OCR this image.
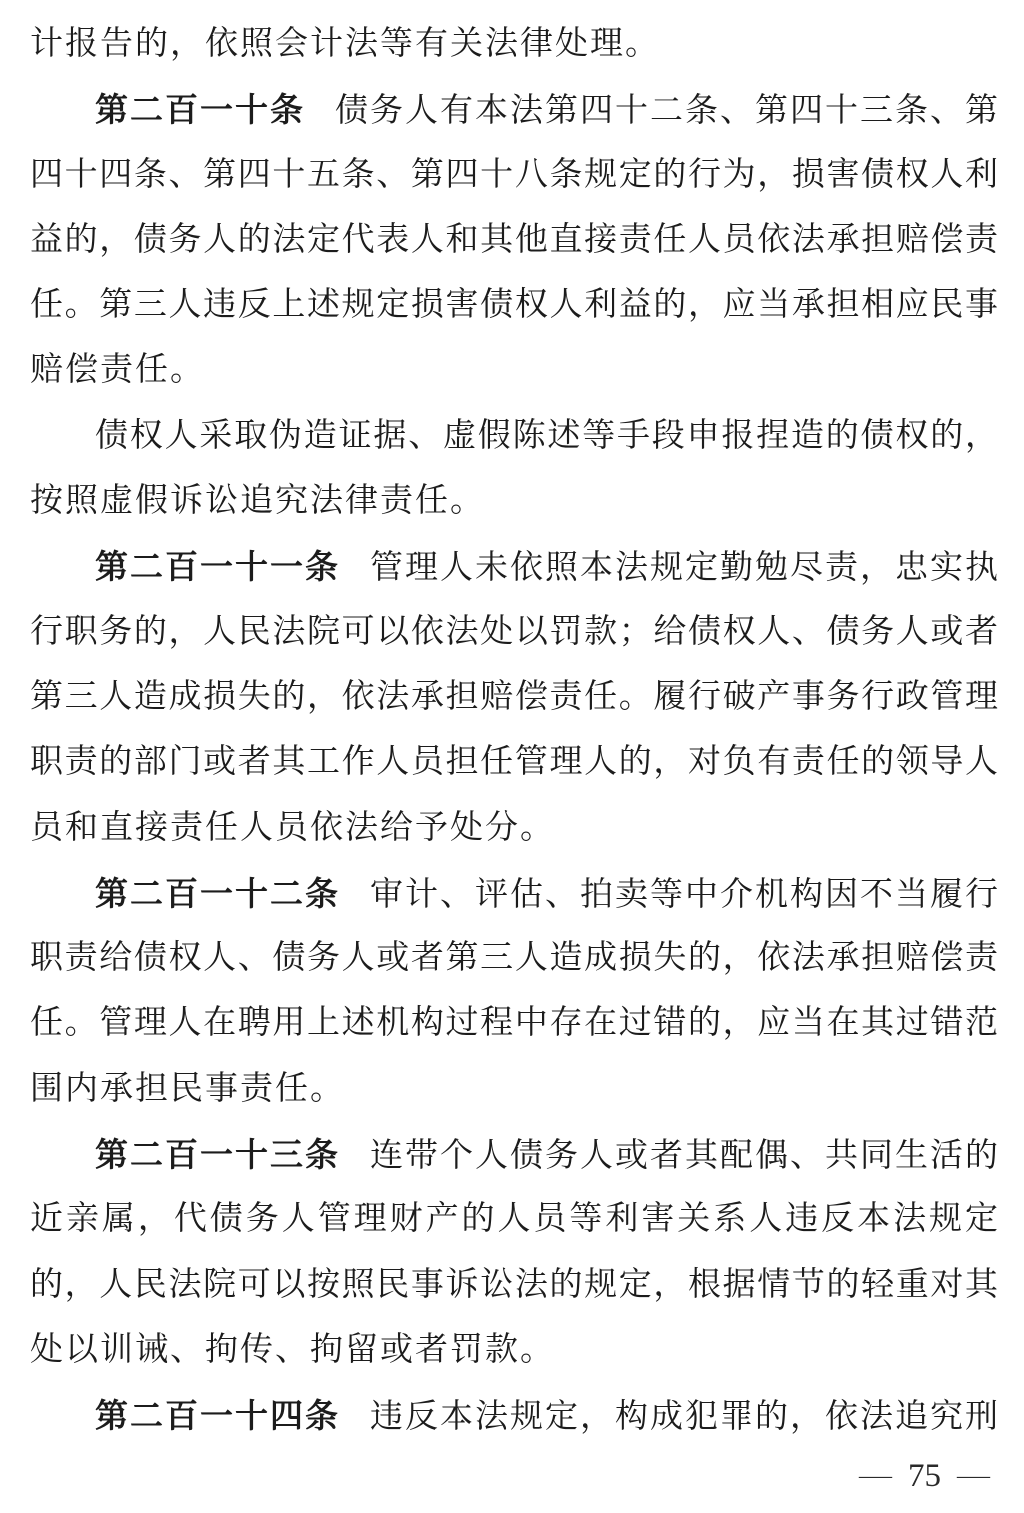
计报告的，依照会计法等有关法律处理。
第二百一十条 债务人有本法第四十二条、第四十三条、第
四十四条、第四十五条、第四十八条规定的行为，损害债权人利
益的，债务人的法定代表人和其他直接责任人员依法承担赔偿责
任。第三人违反上述规定损害债权人利益的，应当承担相应民事
赔偿责任。
债权人采取伪造证据、虚假陈述等手段申报捏造的债权的，
按照虚假诉讼追究法律责任。
第二百一十一条 管理人未依照本法规定勤勉尽责，忠实执
行职务的，人民法院可以依法处以罚款；给债权人、债务人或者
第三人造成损失的，依法承担赔偿责任。履行破产事务行政管理
职责的部门或者其工作人员担任管理人的，对负有责任的领导人
员和直接责任人员依法给予处分。
第二百一十二条 审计、评估、拍卖等中介机构因不当履行
职责给债权人、债务人或者第三人造成损失的，依法承担赔偿责
任。管理人在聘用上述机构过程中存在过错的，应当在其过错范
围内承担民事责任。
第二百一十三条 连带个人债务人或者其配偶、共同生活的
近亲属，代债务人管理财产的人员等利害关系人违反本法规定
的，人民法院可以按照民事诉讼法的规定，根据情节的轻重对其
处以训诫、拘传、拘留或者罚款。
第二百一十四条 违反本法规定，构成犯罪的，依法追究刑
— 75 —
